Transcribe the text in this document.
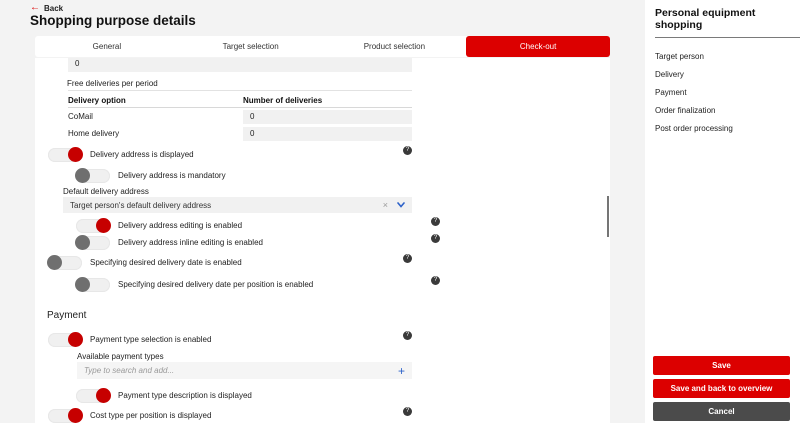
← Back
Shopping purpose details
General	Target selection	Product selection	Check-out
0
Free deliveries per period
Delivery option	Number of deliveries
CoMail	0
Home delivery	0
Delivery address is displayed	?
Delivery address is mandatory
Default delivery address
Target person's default delivery address	×
Delivery address editing is enabled	?
Delivery address inline editing is enabled	?
Specifying desired delivery date is enabled	?
Specifying desired delivery date per position is enabled	?
Payment
Payment type selection is enabled	?
Available payment types
Type to search and add...
+
Payment type description is displayed
Cost type per position is displayed	?
Personal equipment shopping
Target person
Delivery
Payment
Order finalization
Post order processing
Save Save and back to overview Cancel
